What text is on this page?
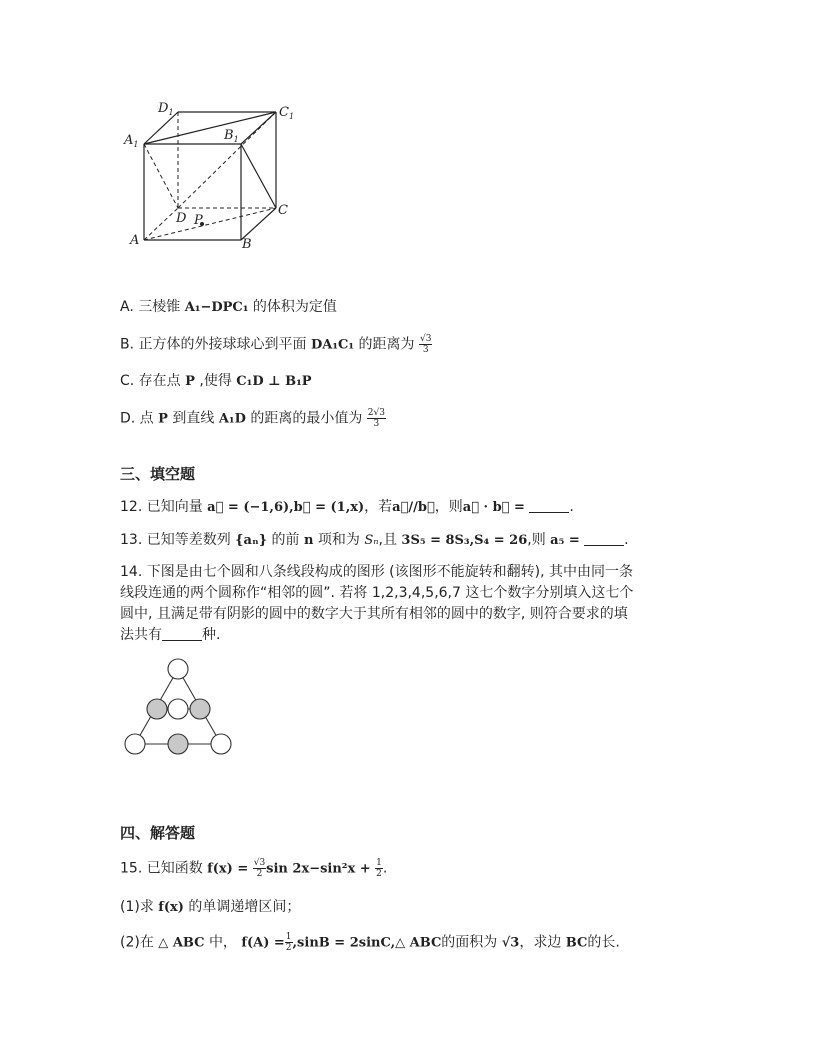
$D_1$	$C_1$
$A_1$
$B_1$
D P
C
A	B
A. 三棱锥 A₁−DPC₁ 的体积为定值
B. 正方体的外接球球心到平面 DA₁C₁ 的距离为 $\frac{√3}{3}$
C. 存在点 P ,使得 C₁D ⊥ B₁P
D. 点 P 到直线 A₁D 的距离的最小值为 $\frac{2√3}{3}$
三、填空题
12. 已知向量 a⃗ = (−1,6),b⃗ = (1,x)，若a⃗//b⃗，则a⃗ · b⃗ =	.
13. 已知等差数列 {aₙ} 的前 n 项和为 Sₙ,且 3S₅ = 8S₃,S₄ = 26,则 a₅ =	.
14. 下图是由七个圆和八条线段构成的图形 (该图形不能旋转和翻转), 其中由同一条
线段连通的两个圆称作“相邻的圆”. 若将 1,2,3,4,5,6,7 这七个数字分别填入这七个
圆中, 且满足带有阴影的圆中的数字大于其所有相邻的圆中的数字, 则符合要求的填
法共有	种.
四、解答题
15. 已知函数 $f(x) = \frac{√3}{2}$ $\sin 2x-\sin^2x + \frac{1}{2}$ .
(1)求 f(x) 的单调递增区间；
(2)在 △ ABC 中， $f(A) = \frac{1}{2} ,\sin B$ = 2sinC,△ ABC的面积为 √3，求边 BC的长.
